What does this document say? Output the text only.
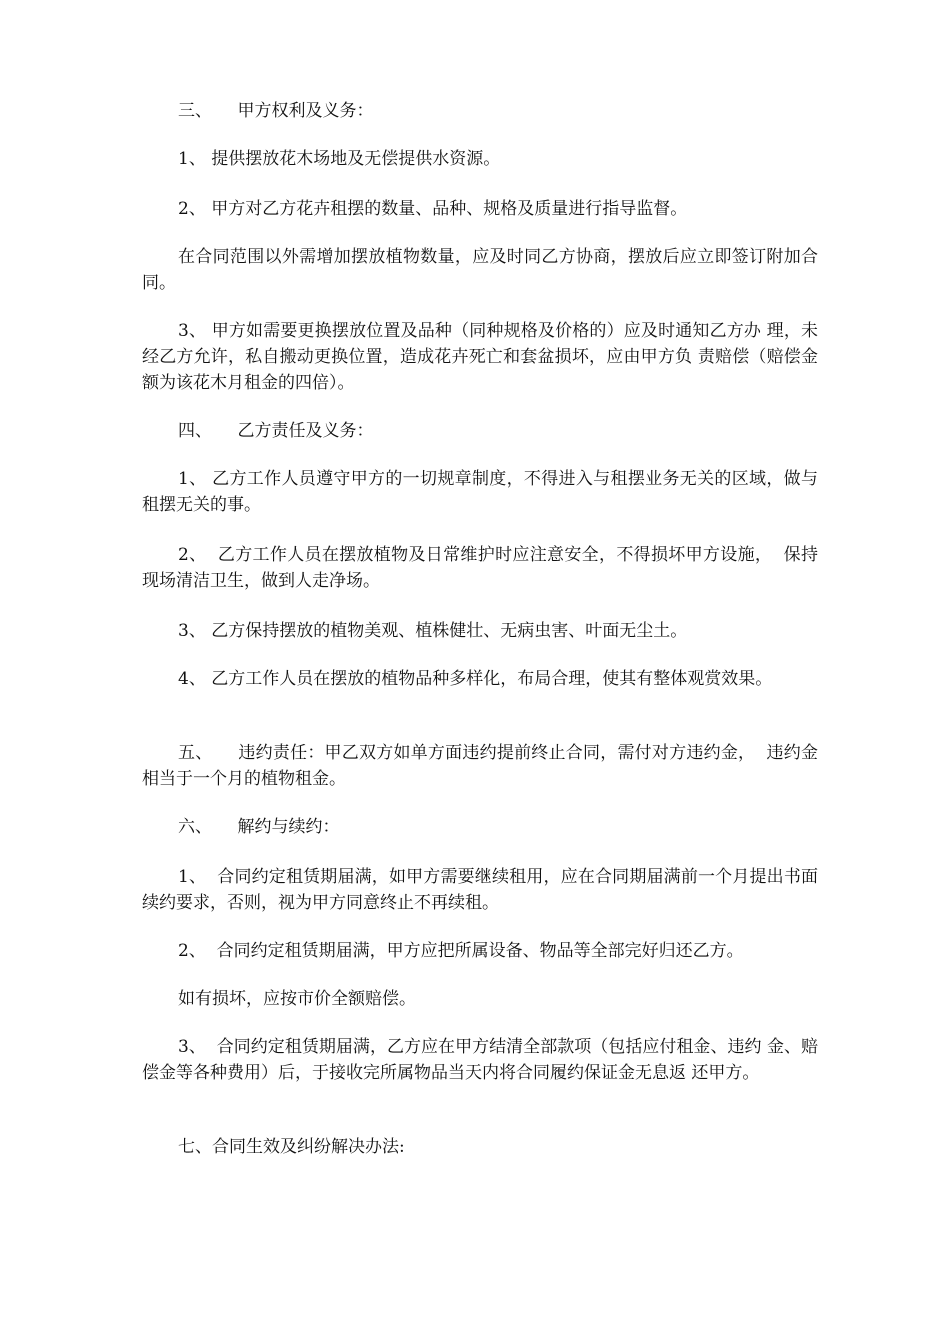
三、　　甲方权利及义务：

1、 提供摆放花木场地及无偿提供水资源。

2、 甲方对乙方花卉租摆的数量、品种、规格及质量进行指导监督。

在合同范围以外需增加摆放植物数量，应及时同乙方协商，摆放后应立即签订附加合同。

3、 甲方如需要更换摆放位置及品种（同种规格及价格的）应及时通知乙方办 理，未经乙方允许，私自搬动更换位置，造成花卉死亡和套盆损坏，应由甲方负 责赔偿（赔偿金额为该花木月租金的四倍）。

四、　　乙方责任及义务：

1、 乙方工作人员遵守甲方的一切规章制度，不得进入与租摆业务无关的区域，做与租摆无关的事。

2、  乙方工作人员在摆放植物及日常维护时应注意安全，不得损坏甲方设施，  保持现场清洁卫生，做到人走净场。

3、 乙方保持摆放的植物美观、植株健壮、无病虫害、叶面无尘土。

4、 乙方工作人员在摆放的植物品种多样化，布局合理，使其有整体观赏效果。

五、　　违约责任：甲乙双方如单方面违约提前终止合同，需付对方违约金，  违约金相当于一个月的植物租金。

六、　　解约与续约：

1、  合同约定租赁期届满，如甲方需要继续租用，应在合同期届满前一个月提出书面续约要求，否则，视为甲方同意终止不再续租。

2、  合同约定租赁期届满，甲方应把所属设备、物品等全部完好归还乙方。

如有损坏，应按市价全额赔偿。

3、  合同约定租赁期届满，乙方应在甲方结清全部款项（包括应付租金、违约 金、赔偿金等各种费用）后，于接收完所属物品当天内将合同履约保证金无息返 还甲方。

七、合同生效及纠纷解决办法:
